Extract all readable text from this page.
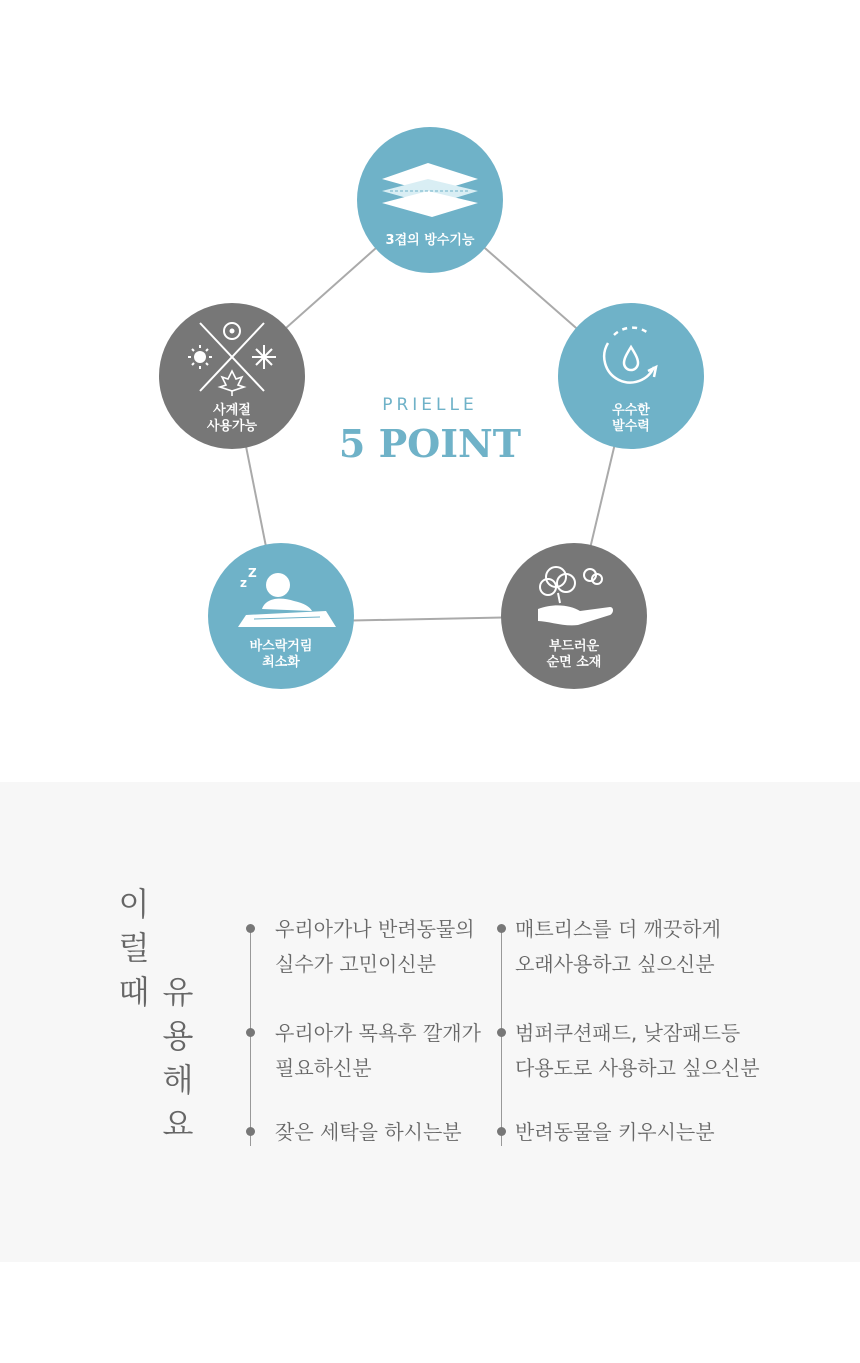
3겹의 방수기능
우수한
발수력
부드러운
순면 소재
z
Z
바스락거림
최소화
사계절
사용가능
PRIELLE
5 POINT
이
럴
때 유
용
해
요
우리아가나 반려동물의
실수가 고민이신분
우리아가 목욕후 깔개가
필요하신분
잦은 세탁을 하시는분
매트리스를 더 깨끗하게
오래사용하고 싶으신분
범퍼쿠션패드, 낮잠패드등
다용도로 사용하고 싶으신분
반려동물을 키우시는분
